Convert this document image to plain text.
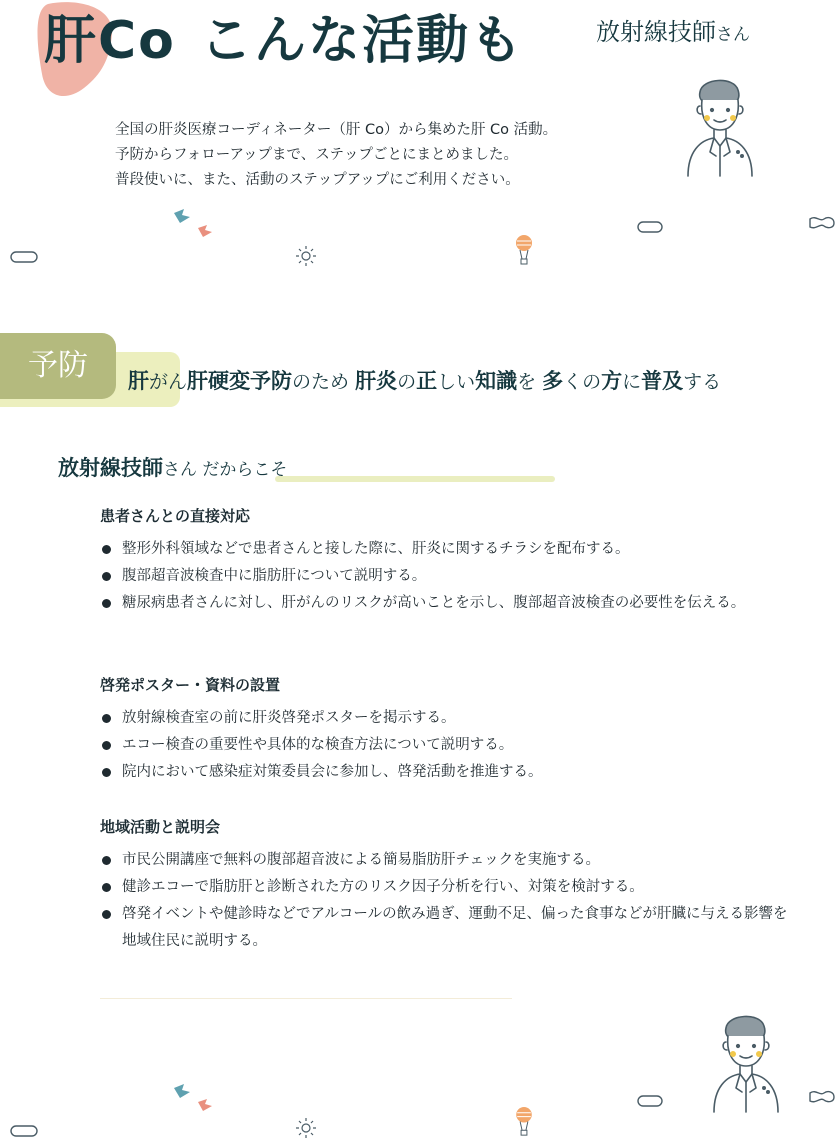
肝Co こんな活動も	放射線技師さん
全国の肝炎医療コーディネーター（肝 Co）から集めた肝 Co 活動。
予防からフォローアップまで、ステップごとにまとめました。
普段使いに、また、活動のステップアップにご利用ください。
予防	肝がん肝硬変予防のため 肝炎の正しい知識を 多くの方に普及する
放射線技師さん だからこそ
患者さんとの直接対応
整形外科領域などで患者さんと接した際に、肝炎に関するチラシを配布する。
腹部超音波検査中に脂肪肝について説明する。
糖尿病患者さんに対し、肝がんのリスクが高いことを示し、腹部超音波検査の必要性を伝える。
啓発ポスター・資料の設置
放射線検査室の前に肝炎啓発ポスターを掲示する。
エコー検査の重要性や具体的な検査方法について説明する。
院内において感染症対策委員会に参加し、啓発活動を推進する。
地域活動と説明会
市民公開講座で無料の腹部超音波による簡易脂肪肝チェックを実施する。
健診エコーで脂肪肝と診断された方のリスク因子分析を行い、対策を検討する。
啓発イベントや健診時などでアルコールの飲み過ぎ、運動不足、偏った食事などが肝臓に与える影響を地域住民に説明する。
